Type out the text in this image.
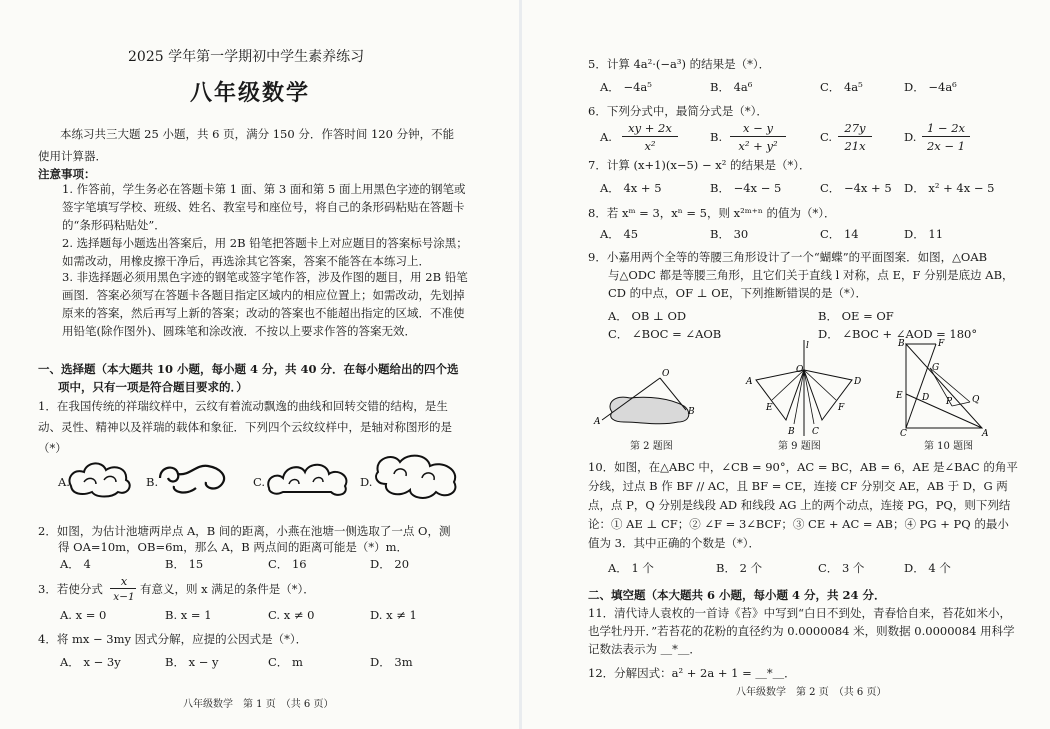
2025 学年第一学期初中学生素养练习
八年级数学
本练习共三大题 25 小题，共 6 页，满分 150 分．作答时间 120 分钟，不能
使用计算器．
注意事项：
1. 作答前，学生务必在答题卡第 1 面、第 3 面和第 5 面上用黑色字迹的钢笔或签字笔填写学校、班级、姓名、教室号和座位号，将自己的条形码粘贴在答题卡的“条形码粘贴处”．
2. 选择题每小题选出答案后，用 2B 铅笔把答题卡上对应题目的答案标号涂黑；如需改动，用橡皮擦干净后，再选涂其它答案，答案不能答在本练习上．
3. 非选择题必须用黑色字迹的钢笔或签字笔作答，涉及作图的题目，用 2B 铅笔画图．答案必须写在答题卡各题目指定区域内的相应位置上；如需改动，先划掉原来的答案，然后再写上新的答案；改动的答案也不能超出指定的区域．不准使用铅笔(除作图外)、圆珠笔和涂改液．不按以上要求作答的答案无效．
一、选择题（本大题共 10 小题，每小题 4 分，共 40 分．在每小题给出的四个选
项中，只有一项是符合题目要求的．）
1．在我国传统的祥瑞纹样中，云纹有着流动飘逸的曲线和回转交错的结构，是生动、灵性、精神以及祥瑞的载体和象征．下列四个云纹纹样中，是轴对称图形的是（*）
A.	B.	C.	D.
2．如图，为估计池塘两岸点 A，B 间的距离，小燕在池塘一侧选取了一点 O，测
得 OA=10m，OB=6m，那么 A，B 两点间的距离可能是（*）m．
A． 4	B． 15	C． 16	D． 20
3．若使分式
x
x−1
有意义，则 x 满足的条件是（*）．
A. x = 0	B. x = 1	C. x ≠ 0	D. x ≠ 1
4．将 mx − 3my 因式分解，应提的公因式是（*）．
A． x − 3y	B． x − y	C． m	D． 3m
八年级数学　第 1 页　（共 6 页）
5．计算 4a²·(−a³) 的结果是（*）．
A． −4a⁵	B． 4a⁶	C． 4a⁵	D． −4a⁶
6．下列分式中，最简分式是（*）．
A.
xy + 2x
x²
B.
x − y
x² + y²
C.
27y
21x
D.
1 − 2x
2x − 1
7．计算 (x+1)(x−5) − x² 的结果是（*）．
A． 4x + 5	B． −4x − 5	C． −4x + 5 D． x² + 4x − 5
8．若 xᵐ = 3，xⁿ = 5，则 x²ᵐ⁺ⁿ 的值为（*）．
A． 45	B． 30	C． 14	D． 11
9．小嘉用两个全等的等腰三角形设计了一个“蝴蝶”的平面图案．如图，△OAB
与△ODC 都是等腰三角形，且它们关于直线 l 对称，点 E，F 分别是底边 AB，
CD 的中点，OF ⊥ OE，下列推断错误的是（*）．
A． OB ⊥ OD	B． OE = OF
C． ∠BOC = ∠AOB	D． ∠BOC + ∠AOD = 180°
O
A
B
l
O
A	D
E	F
B C
B	F
G
E D P Q
C	A
第 2 题图	第 9 题图	第 10 题图
10．如图，在△ABC 中，∠CB = 90°，AC = BC，AB = 6，AE 是∠BAC 的角平分线，过点 B 作 BF // AC，且 BF = CE，连接 CF 分别交 AE，AB 于 D，G 两点，点 P，Q 分别是线段 AD 和线段 AG 上的两个动点，连接 PG，PQ，则下列结论：① AE ⊥ CF；② ∠F = 3∠BCF；③ CE + AC = AB；④ PG + PQ 的最小值为 3．其中正确的个数是（*）．
A． 1 个	B． 2 个	C． 3 个	D． 4 个
二、填空题（本大题共 6 小题，每小题 4 分，共 24 分．
11．清代诗人袁枚的一首诗《苔》中写到“白日不到处，青春恰自来，苔花如米小，也学牡丹开．”若苔花的花粉的直径约为 0.0000084 米，则数据 0.0000084 用科学记数法表示为 ＿*＿．
12．分解因式：a² + 2a + 1 = ＿*＿．
八年级数学　第 2 页　（共 6 页）
